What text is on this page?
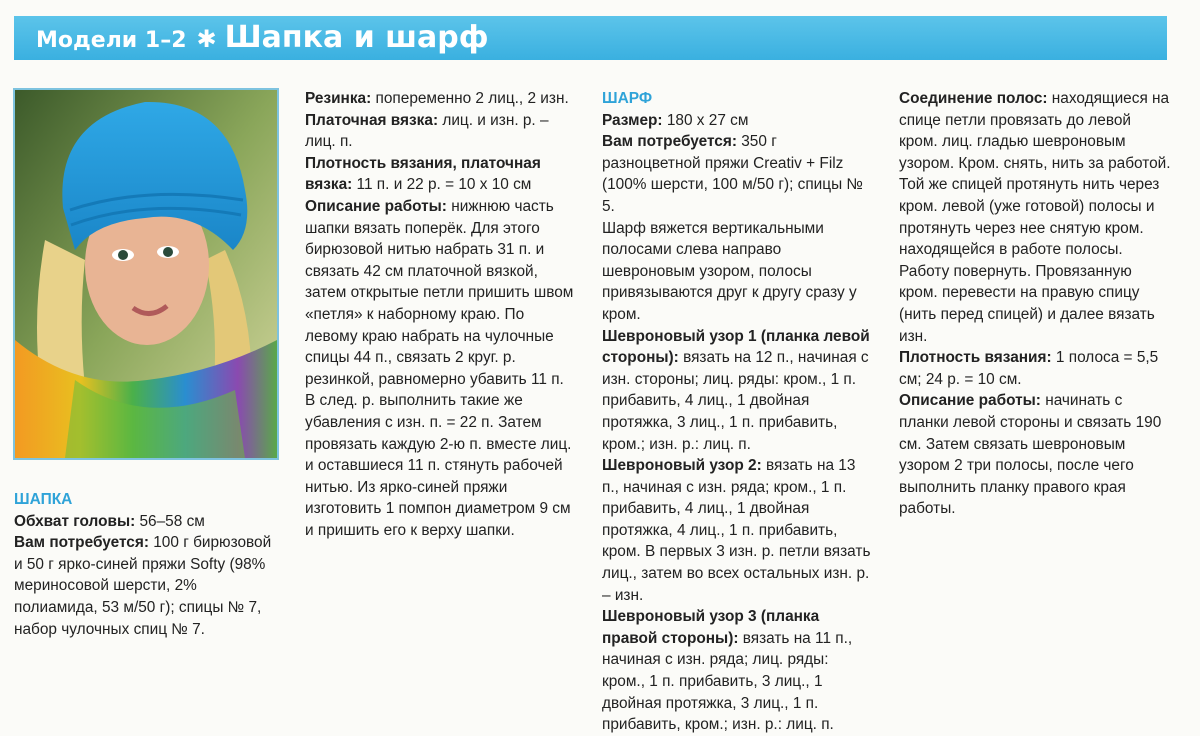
Модели 1–2 ✱ Шапка и шарф

ШАПКА

Обхват головы: 56–58 см

Вам потребуется: 100 г бирюзовой и 50 г ярко-синей пряжи Softy (98% мериносовой шерсти, 2% полиамида, 53 м/50 г); спицы № 7, набор чулочных спиц № 7.

Резинка: попеременно 2 лиц., 2 изн.

Платочная вязка: лиц. и изн. р. – лиц. п.

Плотность вязания, платочная вязка: 11 п. и 22 р. = 10 х 10 см

Описание работы: нижнюю часть шапки вязать поперёк. Для этого бирюзовой нитью набрать 31 п. и связать 42 см платочной вязкой, затем открытые петли пришить швом «петля» к наборному краю. По левому краю набрать на чулочные спицы 44 п., связать 2 круг. р. резинкой, равномерно убавить 11 п. В след. р. выполнить такие же убавления с изн. п. = 22 п. Затем провязать каждую 2-ю п. вместе лиц. и оставшиеся 11 п. стянуть рабочей нитью. Из ярко-синей пряжи изготовить 1 помпон диаметром 9 см и пришить его к верху шапки.

ШАРФ

Размер: 180 х 27 см

Вам потребуется: 350 г разноцветной пряжи Creativ + Filz (100% шерсти, 100 м/50 г); спицы № 5.

Шарф вяжется вертикальными полосами слева направо шевроновым узором, полосы привязываются друг к другу сразу у кром.

Шевроновый узор 1 (планка левой стороны): вязать на 12 п., начиная с изн. стороны; лиц. ряды: кром., 1 п. прибавить, 4 лиц., 1 двойная протяжка, 3 лиц., 1 п. прибавить, кром.; изн. р.: лиц. п.

Шевроновый узор 2: вязать на 13 п., начиная с изн. ряда; кром., 1 п. прибавить, 4 лиц., 1 двойная протяжка, 4 лиц., 1 п. прибавить, кром. В первых 3 изн. р. петли вязать лиц., затем во всех остальных изн. р. – изн.

Шевроновый узор 3 (планка правой стороны): вязать на 11 п., начиная с изн. ряда; лиц. ряды: кром., 1 п. прибавить, 3 лиц., 1 двойная протяжка, 3 лиц., 1 п. прибавить, кром.; изн. р.: лиц. п.

Соединение полос: находящиеся на спице петли провязать до левой кром. лиц. гладью шевроновым узором. Кром. снять, нить за работой. Той же спицей протянуть нить через кром. левой (уже готовой) полосы и протянуть через нее снятую кром. находящейся в работе полосы. Работу повернуть. Провязанную кром. перевести на правую спицу (нить перед спицей) и далее вязать изн.

Плотность вязания: 1 полоса = 5,5 см; 24 р. = 10 см.

Описание работы: начинать с планки левой стороны и связать 190 см. Затем связать шевроновым узором 2 три полосы, после чего выполнить планку правого края работы.
